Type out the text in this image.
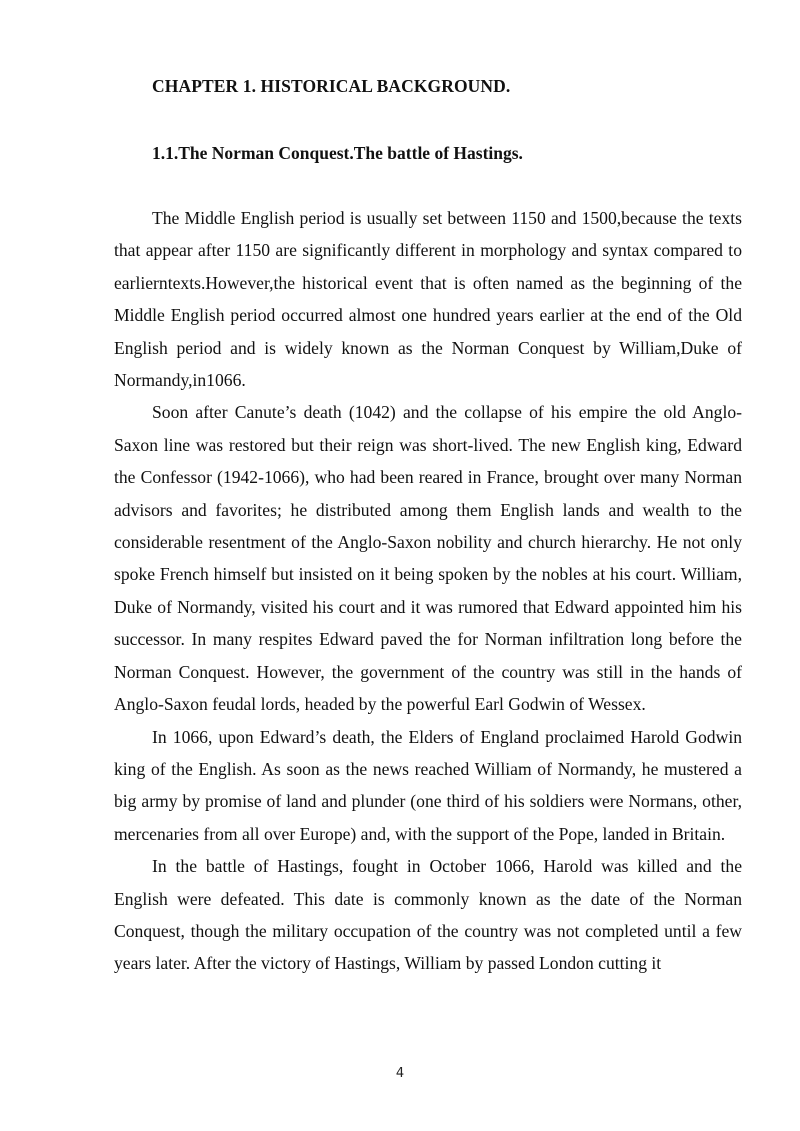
CHAPTER 1. HISTORICAL BACKGROUND.
1.1.The Norman Conquest.The battle of Hastings.

The Middle English period is usually set between 1150 and 1500,because the texts that appear after 1150 are significantly different in morphology and syntax compared to earlierntexts.However,the historical event that is often named as the beginning of the Middle English period occurred almost one hundred years earlier at the end of the Old English period and is widely known as the Norman Conquest by William,Duke of Normandy,in1066.

Soon after Canute’s death (1042) and the collapse of his empire the old Anglo-Saxon line was restored but their reign was short-lived. The new English king, Edward the Confessor (1942-1066), who had been reared in France, brought over many Norman advisors and favorites; he distributed among them English lands and wealth to the considerable resentment of the Anglo-Saxon nobility and church hierarchy. He not only spoke French himself but insisted on it being spoken by the nobles at his court. William, Duke of Normandy, visited his court and it was rumored that Edward appointed him his successor. In many respites Edward paved the for Norman infiltration long before the Norman Conquest. However, the government of the country was still in the hands of Anglo-Saxon feudal lords, headed by the powerful Earl Godwin of Wessex.

In 1066, upon Edward’s death, the Elders of England proclaimed Harold Godwin king of the English. As soon as the news reached William of Normandy, he mustered a big army by promise of land and plunder (one third of his soldiers were Normans, other, mercenaries from all over Europe) and, with the support of the Pope, landed in Britain.

In the battle of Hastings, fought in October 1066, Harold was killed and the English were defeated. This date is commonly known as the date of the Norman Conquest, though the military occupation of the country was not completed until a few years later. After the victory of Hastings, William by passed London cutting it

4
